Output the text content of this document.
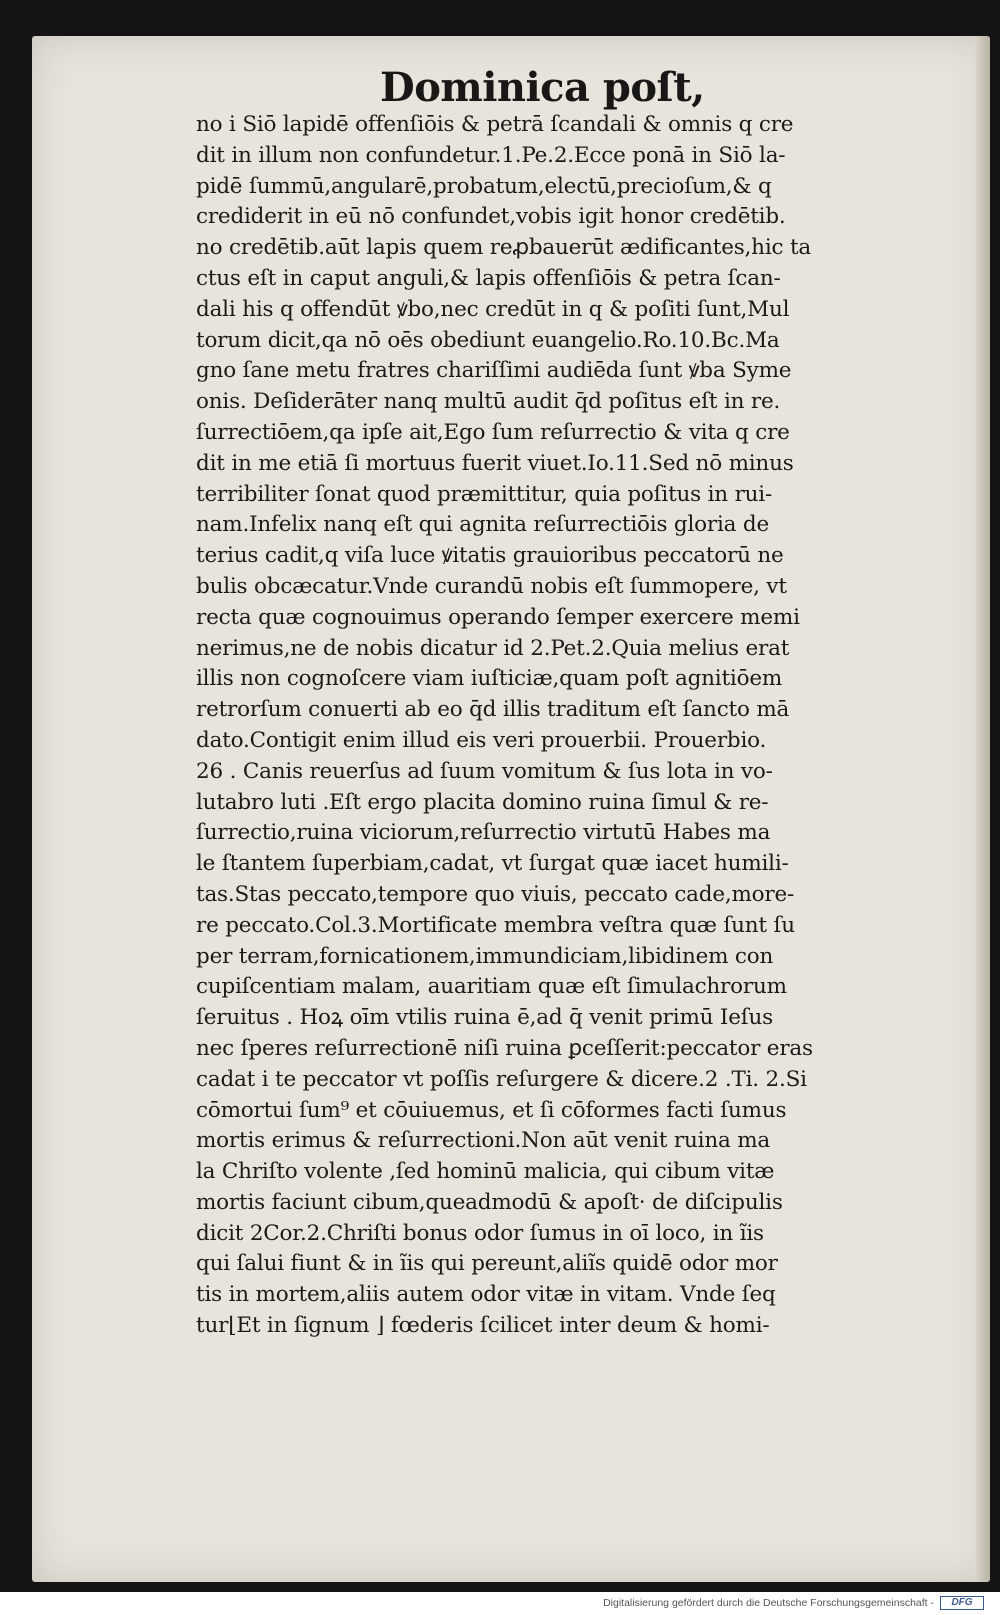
Dominica poſt,
no i Siō lapidē offenſiōis & petrā ſcandali & omnis q cre
dit in illum non confundetur.1.Pe.2.Ecce ponā in Siō la-
pidē ſummū,angularē,probatum,electū,precioſum,& q
crediderit in eū nō confundet,vobis igit honor credētib.
no credētib.aūt lapis quem reꝓbauerūt ædificantes,hic ta
ctus eſt in caput anguli,& lapis offenſiōis & petra ſcan-
dali his q offendūt ꝟbo,nec credūt in q & poſiti ſunt,Mul
torum dicit,qa nō oēs obediunt euangelio.Ro.10.Bc.Ma
gno ſane metu fratres chariſſimi audiēda ſunt ꝟba Syme
onis. Deſiderāter nanq multū audit q̄d poſitus eſt in re.
ſurrectiōem,qa ipſe ait,Ego ſum reſurrectio & vita q cre
dit in me etiā ſi mortuus fuerit viuet.Io.11.Sed nō minus
terribiliter ſonat quod præmittitur, quia poſitus in rui-
nam.Infelix nanq eſt qui agnita reſurrectiōis gloria de
terius cadit,q viſa luce ꝟitatis grauioribus peccatorū ne
bulis obcæcatur.Vnde curandū nobis eſt ſummopere, vt
recta quæ cognouimus operando ſemper exercere memi
nerimus,ne de nobis dicatur id 2.Pet.2.Quia melius erat
illis non cognoſcere viam iuſticiæ,quam poſt agnitiōem
retrorſum conuerti ab eo q̄d illis traditum eſt ſancto mā
dato.Contigit enim illud eis veri prouerbii. Prouerbio.
26 . Canis reuerſus ad ſuum vomitum & ſus lota in vo-
lutabro luti .Eſt ergo placita domino ruina ſimul & re-
ſurrectio,ruina viciorum,reſurrectio virtutū Habes ma
le ſtantem ſuperbiam,cadat, vt ſurgat quæ iacet humili-
tas.Stas peccato,tempore quo viuis, peccato cade,more-
re peccato.Col.3.Mortificate membra veſtra quæ ſunt ſu
per terram,fornicationem,immundiciam,libidinem con
cupiſcentiam malam, auaritiam quæ eſt ſimulachrorum
ſeruitus . Hoꝝ oīm vtilis ruina ē,ad q̄ venit primū Ieſus
nec ſperes reſurrectionē niſi ruina ꝑceſſerit:peccator eras
cadat i te peccator vt poſſis reſurgere & dicere.2 .Ti. 2.Si
cōmortui ſum⁹ et cōuiuemus, et ſi cōformes facti ſumus
mortis erimus & reſurrectioni.Non aūt venit ruina ma
la Chriſto volente ,ſed hominū malicia, qui cibum vitæ
mortis faciunt cibum,queadmodū & apoſt· de diſcipulis
dicit 2Cor.2.Chriſti bonus odor ſumus in oī loco, in ĩis
qui ſalui fiunt & in ĩis qui pereunt,aliĩs quidē odor mor
tis in mortem,aliis autem odor vitæ in vitam. Vnde ſeq
tur⌊Et in ſignum ⌋ fœderis ſcilicet inter deum & homi-
Digitalisierung gefördert durch die Deutsche Forschungsgemeinschaft -	DFG
